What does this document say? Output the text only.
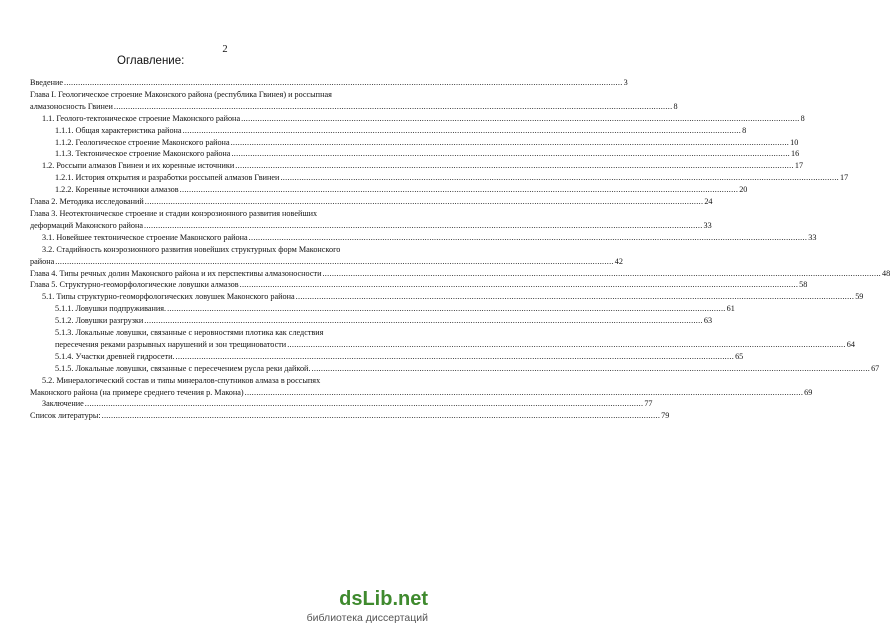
2
Оглавление:
Введение .....	3
Глава I. Геологическое строение Маконского района (республика Гвинея) и россыпная
алмазоносность Гвинеи .....	8
1.1. Геолого-тектоническое строение Маконского района .....	8
1.1.1. Общая характеристика района .....	8
1.1.2. Геологическое строение Маконского района .....	10
1.1.3. Тектоническое строение Маконского района .....	16
1.2. Россыпи алмазов Гвинеи и их коренные источники .....	17
1.2.1. История открытия и разработки россыпей алмазов Гвинеи .....	17
1.2.2. Коренные источники алмазов .....	20
Глава 2. Методика исследований .....	24
Глава 3. Неотектоническое строение и стадии конэрозионного развития новейших
деформаций Маконского района .....	33
3.1. Новейшее тектоническое строение Маконского района .....	33
3.2. Стадийность конэрозионного развития новейших структурных форм Маконского
района .....	42
Глава 4. Типы речных долин Маконского района и их перспективы алмазоносности .....	48
Глава 5. Структурно-геоморфологические ловушки алмазов .....	58
5.1. Типы структурно-геоморфологических ловушек Маконского района .....	59
5.1.1. Ловушки подпруживания. .....	61
5.1.2. Ловушки разгрузки .....	63
5.1.3. Локальные ловушки, связанные с неровностями плотика как следствия
пересечения реками разрывных нарушений и зон трещиноватости .....	64
5.1.4. Участки древней гидросети. .....	65
5.1.5. Локальные ловушки, связанные с пересечением русла реки дайкой. .....	67
5.2. Минералогический состав и типы минералов-спутников алмаза в россыпях
Маконского района (на примере среднего течения р. Макона) .....	69
Заключение .....	77
Список литературы: .....	79
dsLib.net
библиотека диссертаций
